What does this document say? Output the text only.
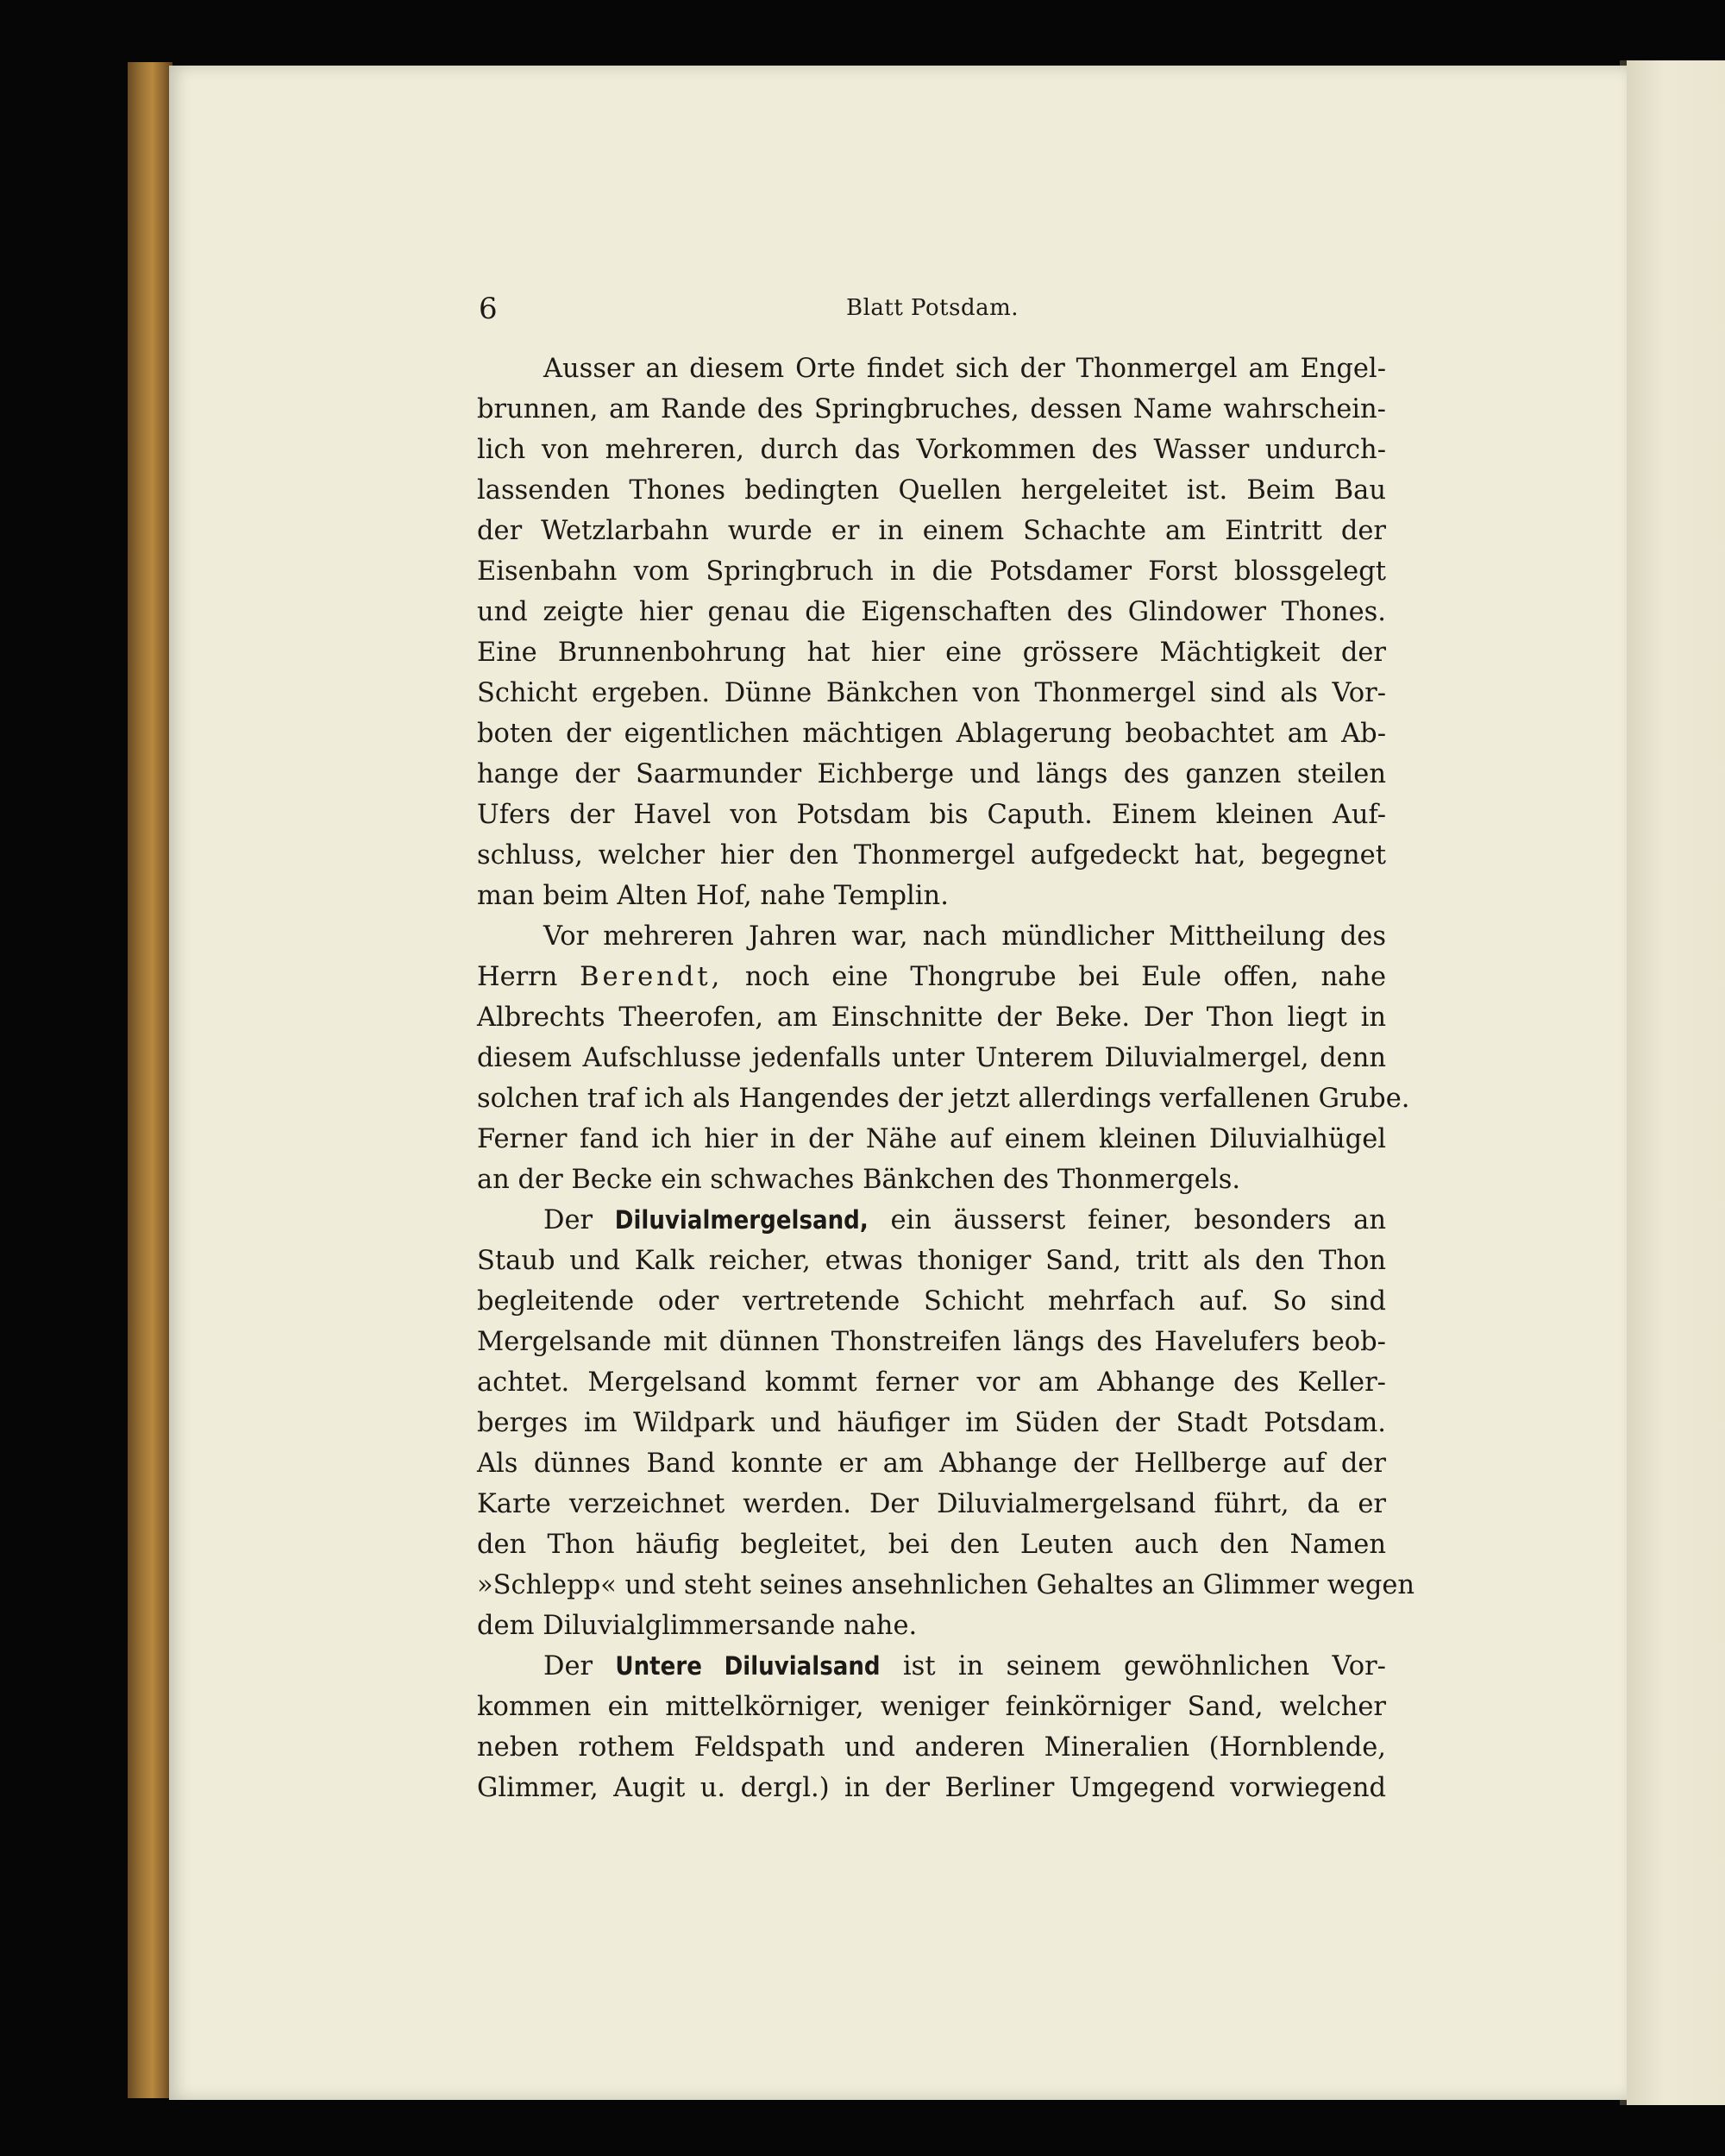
6	Blatt Potsdam.
Ausser an diesem Orte findet sich der Thonmergel am Engel-
brunnen, am Rande des Springbruches, dessen Name wahrschein-
lich von mehreren, durch das Vorkommen des Wasser undurch-
lassenden Thones bedingten Quellen hergeleitet ist. Beim Bau
der Wetzlarbahn wurde er in einem Schachte am Eintritt der
Eisenbahn vom Springbruch in die Potsdamer Forst blossgelegt
und zeigte hier genau die Eigenschaften des Glindower Thones.
Eine Brunnenbohrung hat hier eine grössere Mächtigkeit der
Schicht ergeben. Dünne Bänkchen von Thonmergel sind als Vor-
boten der eigentlichen mächtigen Ablagerung beobachtet am Ab-
hange der Saarmunder Eichberge und längs des ganzen steilen
Ufers der Havel von Potsdam bis Caputh. Einem kleinen Auf-
schluss, welcher hier den Thonmergel aufgedeckt hat, begegnet
man beim Alten Hof, nahe Templin.
Vor mehreren Jahren war, nach mündlicher Mittheilung des
Herrn Berendt, noch eine Thongrube bei Eule offen, nahe
Albrechts Theerofen, am Einschnitte der Beke. Der Thon liegt in
diesem Aufschlusse jedenfalls unter Unterem Diluvialmergel, denn
solchen traf ich als Hangendes der jetzt allerdings verfallenen Grube.
Ferner fand ich hier in der Nähe auf einem kleinen Diluvialhügel
an der Becke ein schwaches Bänkchen des Thonmergels.
Der Diluvialmergelsand, ein äusserst feiner, besonders an
Staub und Kalk reicher, etwas thoniger Sand, tritt als den Thon
begleitende oder vertretende Schicht mehrfach auf. So sind
Mergelsande mit dünnen Thonstreifen längs des Havelufers beob-
achtet. Mergelsand kommt ferner vor am Abhange des Keller-
berges im Wildpark und häufiger im Süden der Stadt Potsdam.
Als dünnes Band konnte er am Abhange der Hellberge auf der
Karte verzeichnet werden. Der Diluvialmergelsand führt, da er
den Thon häufig begleitet, bei den Leuten auch den Namen
»Schlepp« und steht seines ansehnlichen Gehaltes an Glimmer wegen
dem Diluvialglimmersande nahe.
Der Untere Diluvialsand ist in seinem gewöhnlichen Vor-
kommen ein mittelkörniger, weniger feinkörniger Sand, welcher
neben rothem Feldspath und anderen Mineralien (Hornblende,
Glimmer, Augit u. dergl.) in der Berliner Umgegend vorwiegend
